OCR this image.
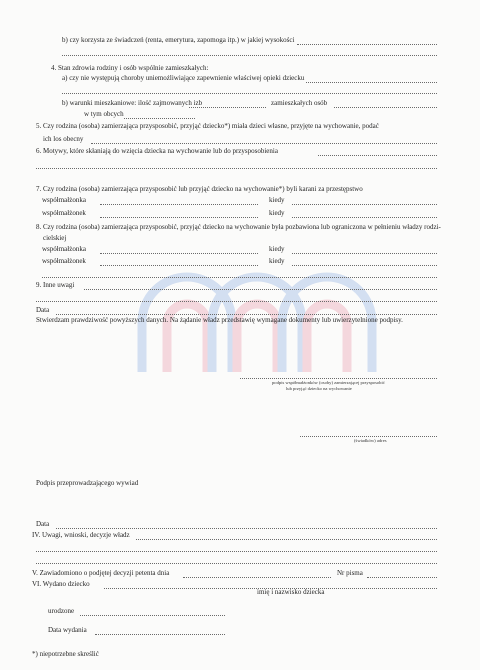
b) czy korzysta ze świadczeń (renta, emerytura, zapomoga itp.) w jakiej wysokości
4. Stan zdrowia rodziny i osób wspólnie zamieszkałych:
a) czy nie występują choroby uniemożliwiające zapewnienie właściwej opieki dziecku
b) warunki mieszkaniowe: ilość zajmowanych izb	zamieszkałych osób
w tym obcych
5. Czy rodzina (osoba) zamierzająca przysposobić, przyjąć dziecko*) miała dzieci własne, przyjęte na wychowanie, podać
ich los obecny
6. Motywy, które skłaniają do wzięcia dziecka na wychowanie lub do przysposobienia
7. Czy rodzina (osoba) zamierzająca przysposobić lub przyjąć dziecko na wychowanie*) byli karani za przestępstwo
współmałżonka	kiedy
współmałżonek	kiedy
8. Czy rodzina (osoba) zamierzająca przysposobić, przyjąć dziecko na wychowanie była pozbawiona lub ograniczona w pełnieniu władzy rodzi-
cielskiej
współmałżonka	kiedy
współmałżonek	kiedy
9. Inne uwagi
Data
Stwierdzam prawdziwość powyższych danych. Na żądanie władz przedstawię wymagane dokumenty lub uwierzytelnione podpisy.
podpis współmałżonków (osoby) zamierzającej przysposobić
lub przyjąć dziecko na wychowanie
(świadków) adres
Podpis przeprowadzającego wywiad
Data
IV. Uwagi, wnioski, decyzje władz
V. Zawiadomiono o podjętej decyzji petenta dnia	Nr pisma
VI. Wydano dziecko
imię i nazwisko dziecka
urodzone
Data wydania
*) niepotrzebne skreślić
